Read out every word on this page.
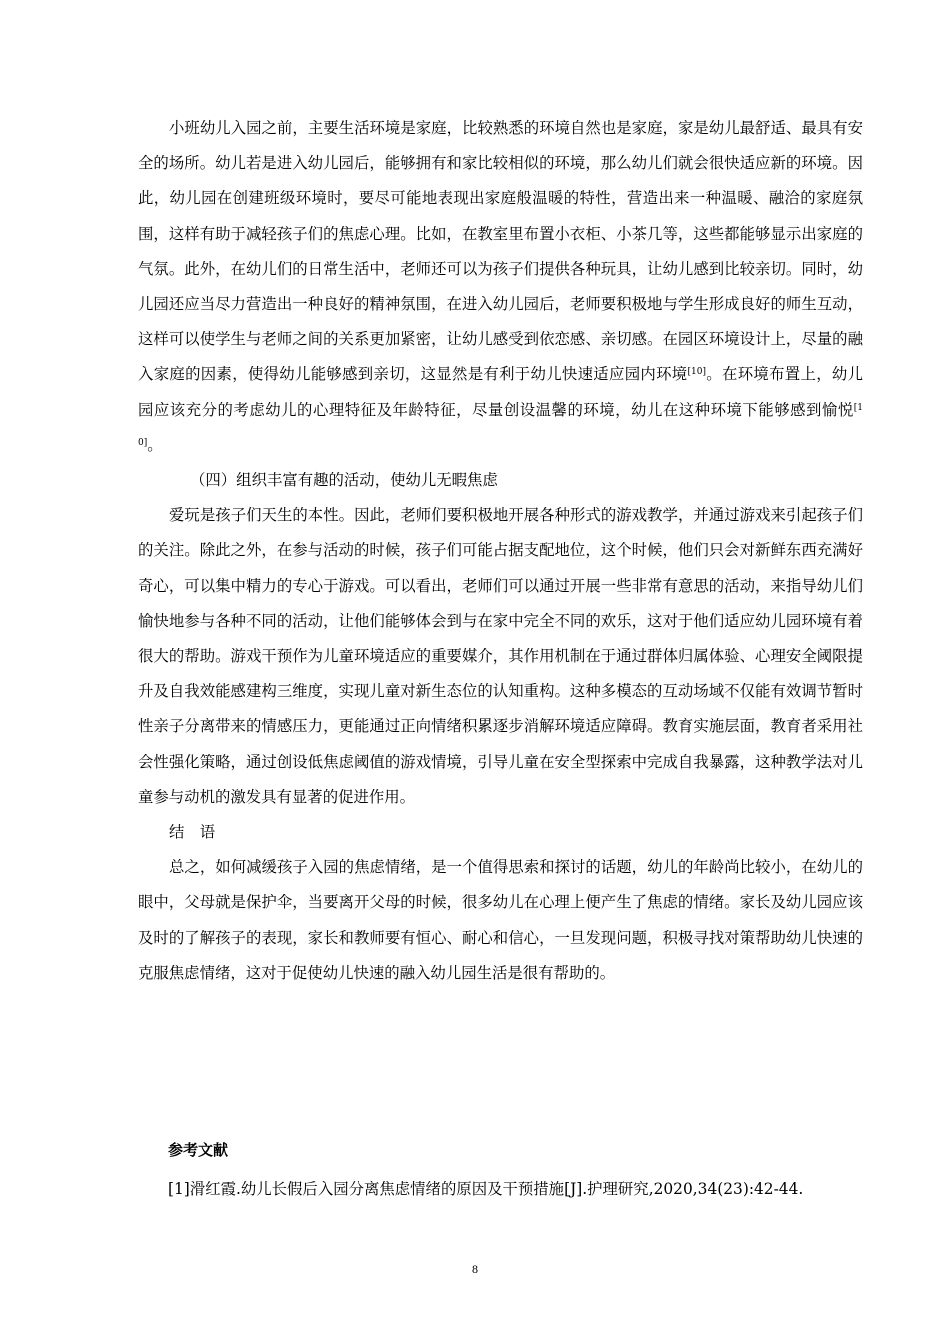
小班幼儿入园之前，主要生活环境是家庭，比较熟悉的环境自然也是家庭，家是幼儿最舒适、最具有安全的场所。幼儿若是进入幼儿园后，能够拥有和家比较相似的环境，那么幼儿们就会很快适应新的环境。因此，幼儿园在创建班级环境时，要尽可能地表现出家庭般温暖的特性，营造出来一种温暖、融洽的家庭氛围，这样有助于减轻孩子们的焦虑心理。比如，在教室里布置小衣柜、小茶几等，这些都能够显示出家庭的气氛。此外，在幼儿们的日常生活中，老师还可以为孩子们提供各种玩具，让幼儿感到比较亲切。同时，幼儿园还应当尽力营造出一种良好的精神氛围，在进入幼儿园后，老师要积极地与学生形成良好的师生互动，这样可以使学生与老师之间的关系更加紧密，让幼儿感受到依恋感、亲切感。在园区环境设计上，尽量的融入家庭的因素，使得幼儿能够感到亲切，这显然是有利于幼儿快速适应园内环境[10]。在环境布置上，幼儿园应该充分的考虑幼儿的心理特征及年龄特征，尽量创设温馨的环境，幼儿在这种环境下能够感到愉悦[10]。

（四）组织丰富有趣的活动，使幼儿无暇焦虑

爱玩是孩子们天生的本性。因此，老师们要积极地开展各种形式的游戏教学，并通过游戏来引起孩子们的关注。除此之外，在参与活动的时候，孩子们可能占据支配地位，这个时候，他们只会对新鲜东西充满好奇心，可以集中精力的专心于游戏。可以看出，老师们可以通过开展一些非常有意思的活动，来指导幼儿们愉快地参与各种不同的活动，让他们能够体会到与在家中完全不同的欢乐，这对于他们适应幼儿园环境有着很大的帮助。游戏干预作为儿童环境适应的重要媒介，其作用机制在于通过群体归属体验、心理安全阈限提升及自我效能感建构三维度，实现儿童对新生态位的认知重构。这种多模态的互动场域不仅能有效调节暂时性亲子分离带来的情感压力，更能通过正向情绪积累逐步消解环境适应障碍。教育实施层面，教育者采用社会性强化策略，通过创设低焦虑阈值的游戏情境，引导儿童在安全型探索中完成自我暴露，这种教学法对儿童参与动机的激发具有显著的促进作用。

结　语

总之，如何减缓孩子入园的焦虑情绪，是一个值得思索和探讨的话题，幼儿的年龄尚比较小，在幼儿的眼中，父母就是保护伞，当要离开父母的时候，很多幼儿在心理上便产生了焦虑的情绪。家长及幼儿园应该及时的了解孩子的表现，家长和教师要有恒心、耐心和信心，一旦发现问题，积极寻找对策帮助幼儿快速的克服焦虑情绪，这对于促使幼儿快速的融入幼儿园生活是很有帮助的。

参考文献
[1]滑红霞.幼儿长假后入园分离焦虑情绪的原因及干预措施[J].护理研究,2020,34(23):42-44.
8
